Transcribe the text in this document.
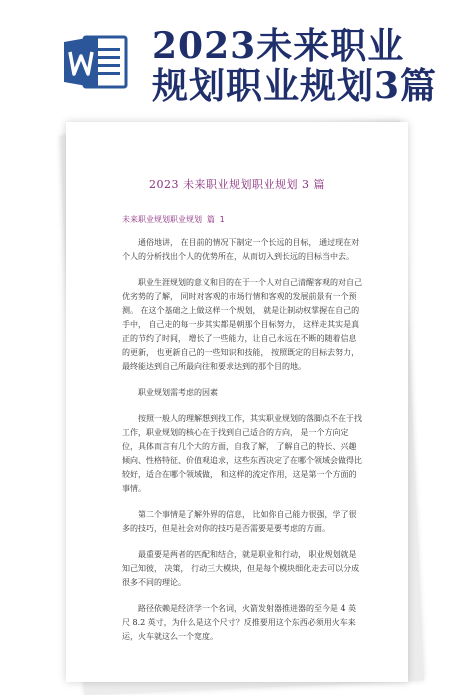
2023未来职业
规划职业规划3篇
2023 未来职业规划职业规划 3 篇
未来职业规划职业规划 篇 1

通俗地讲， 在目前的情况下制定一个长远的目标， 通过现在对个人的分析找出个人的优势所在，从而切入到长远的目标当中去。

职业生涯规划的意义和目的在于一个人对自己清醒客观的对自己优劣势的了解， 同时对客观的市场行情和客观的发展前景有一个预测。 在这个基础之上做这样一个规划， 就是让制动权掌握在自己的手中， 自己走的每一步其实都是朝那个目标努力， 这样走其实是真正的节约了时间， 增长了一些能力，让自己永远在不断的随着信息的更新， 也更新自己的一些知识和技能， 按照既定的目标去努力，最终能达到自己所最向往和要求达到的那个目的地。

职业规划需考虑的因素

按照一般人的理解想到找工作，其实职业规划的落脚点不在于找工作，职业规划的核心在于找到自己适合的方向， 是一个方向定位，具体而言有几个大的方面，自我了解， 了解自己的特长、兴趣倾向、性格特征、价值观追求，这些东西决定了在哪个领域会做得比较好，适合在哪个领域做， 和这样的流定作用，这是第一个方面的事情。

第二个事情是了解外界的信息， 比如你自己能力很强，学了很多的技巧，但是社会对你的技巧是否需要是要考虑的方面。

最重要是两者的匹配和结合，就是职业和行动， 职业规划就是知己知彼， 决策， 行动三大模块，但是每个模块细化走去可以分成很多不同的理论。

路径依赖是经济学一个名词，火箭发射器推进器的至今是 4 英尺 8.2 英寸，为什么是这个尺寸？反推要用这个东西必须用火车来运，火车就这么一个宽度。
